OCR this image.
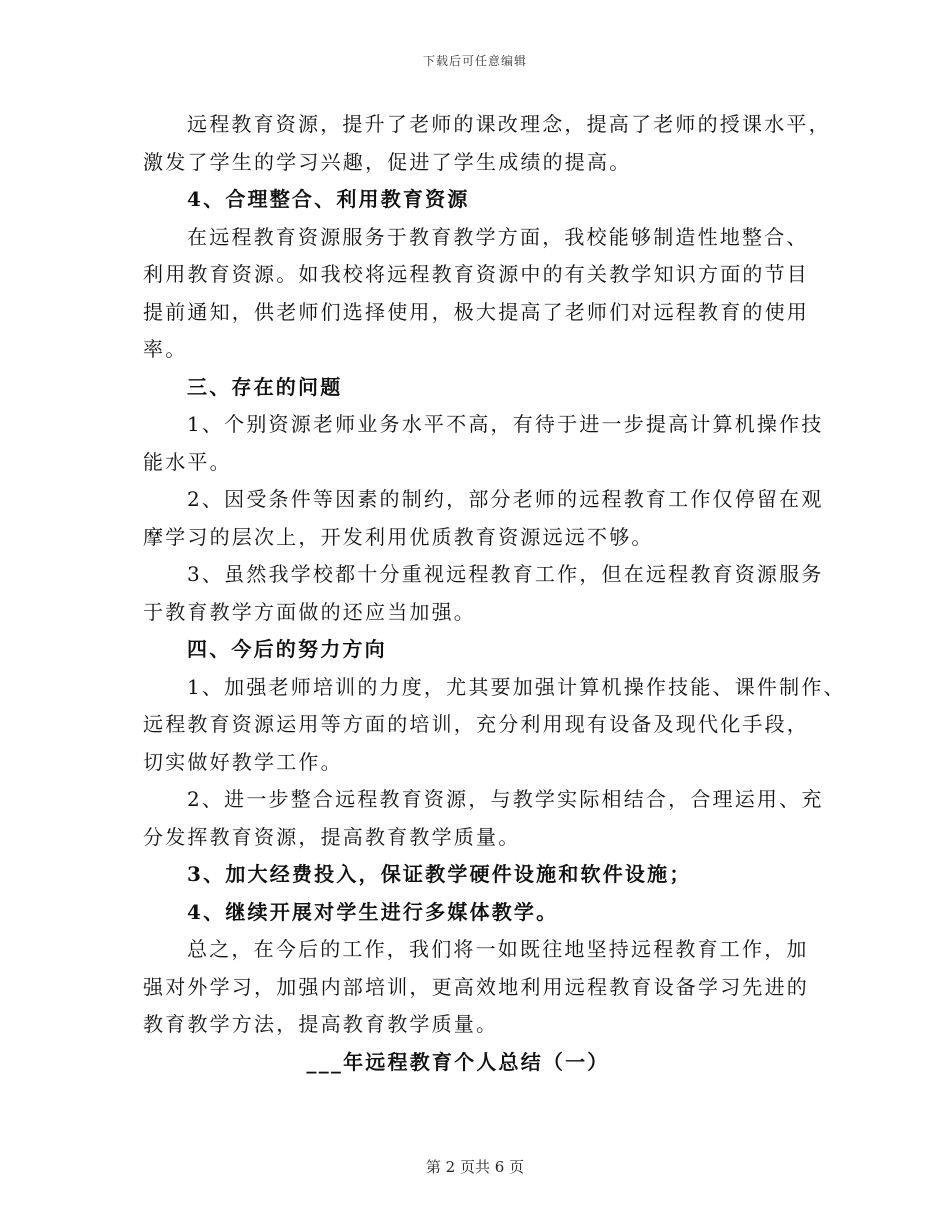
下载后可任意编辑
远程教育资源，提升了老师的课改理念，提高了老师的授课水平，
激发了学生的学习兴趣，促进了学生成绩的提高。
4、合理整合、利用教育资源
在远程教育资源服务于教育教学方面，我校能够制造性地整合、
利用教育资源。如我校将远程教育资源中的有关教学知识方面的节目
提前通知，供老师们选择使用，极大提高了老师们对远程教育的使用
率。
三、存在的问题
1、个别资源老师业务水平不高，有待于进一步提高计算机操作技
能水平。
2、因受条件等因素的制约，部分老师的远程教育工作仅停留在观
摩学习的层次上，开发利用优质教育资源远远不够。
3、虽然我学校都十分重视远程教育工作，但在远程教育资源服务
于教育教学方面做的还应当加强。
四、今后的努力方向
1、加强老师培训的力度，尤其要加强计算机操作技能、课件制作、
远程教育资源运用等方面的培训，充分利用现有设备及现代化手段，
切实做好教学工作。
2、进一步整合远程教育资源，与教学实际相结合，合理运用、充
分发挥教育资源，提高教育教学质量。
3、加大经费投入，保证教学硬件设施和软件设施；
4、继续开展对学生进行多媒体教学。
总之，在今后的工作，我们将一如既往地坚持远程教育工作，加
强对外学习，加强内部培训，更高效地利用远程教育设备学习先进的
教育教学方法，提高教育教学质量。
___年远程教育个人总结（一）
第 2 页共 6 页
